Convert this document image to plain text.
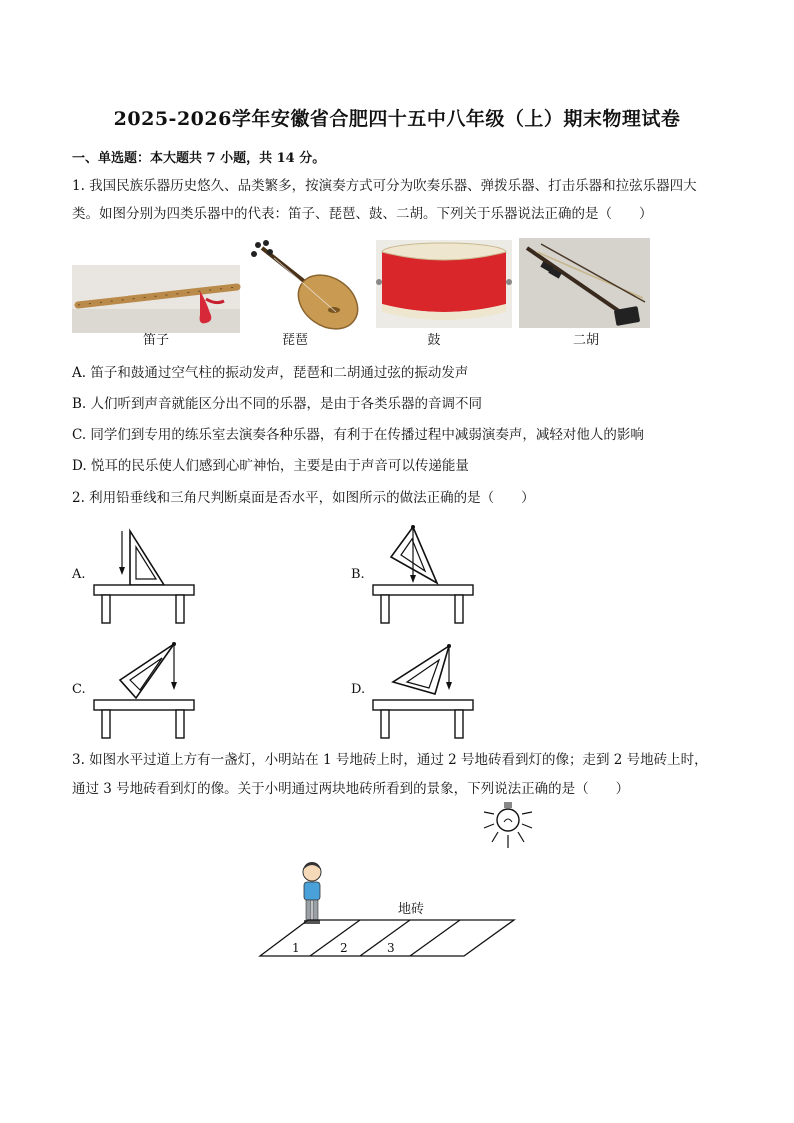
2025-2026学年安徽省合肥四十五中八年级（上）期末物理试卷
一、单选题：本大题共 7 小题，共 14 分。
1. 我国民族乐器历史悠久、品类繁多，按演奏方式可分为吹奏乐器、弹拨乐器、打击乐器和拉弦乐器四大
类。如图分别为四类乐器中的代表：笛子、琵琶、鼓、二胡。下列关于乐器说法正确的是（　　）
笛子	琵琶	鼓	二胡
A. 笛子和鼓通过空气柱的振动发声，琵琶和二胡通过弦的振动发声
B. 人们听到声音就能区分出不同的乐器，是由于各类乐器的音调不同
C. 同学们到专用的练乐室去演奏各种乐器，有利于在传播过程中减弱演奏声，减轻对他人的影响
D. 悦耳的民乐使人们感到心旷神怡，主要是由于声音可以传递能量
2. 利用铅垂线和三角尺判断桌面是否水平，如图所示的做法正确的是（　　）
A.	B.
C.	D.
3. 如图水平过道上方有一盏灯，小明站在 1 号地砖上时，通过 2 号地砖看到灯的像；走到 2 号地砖上时，
通过 3 号地砖看到灯的像。关于小明通过两块地砖所看到的景象，下列说法正确的是（　　）
地砖
1	2	3
